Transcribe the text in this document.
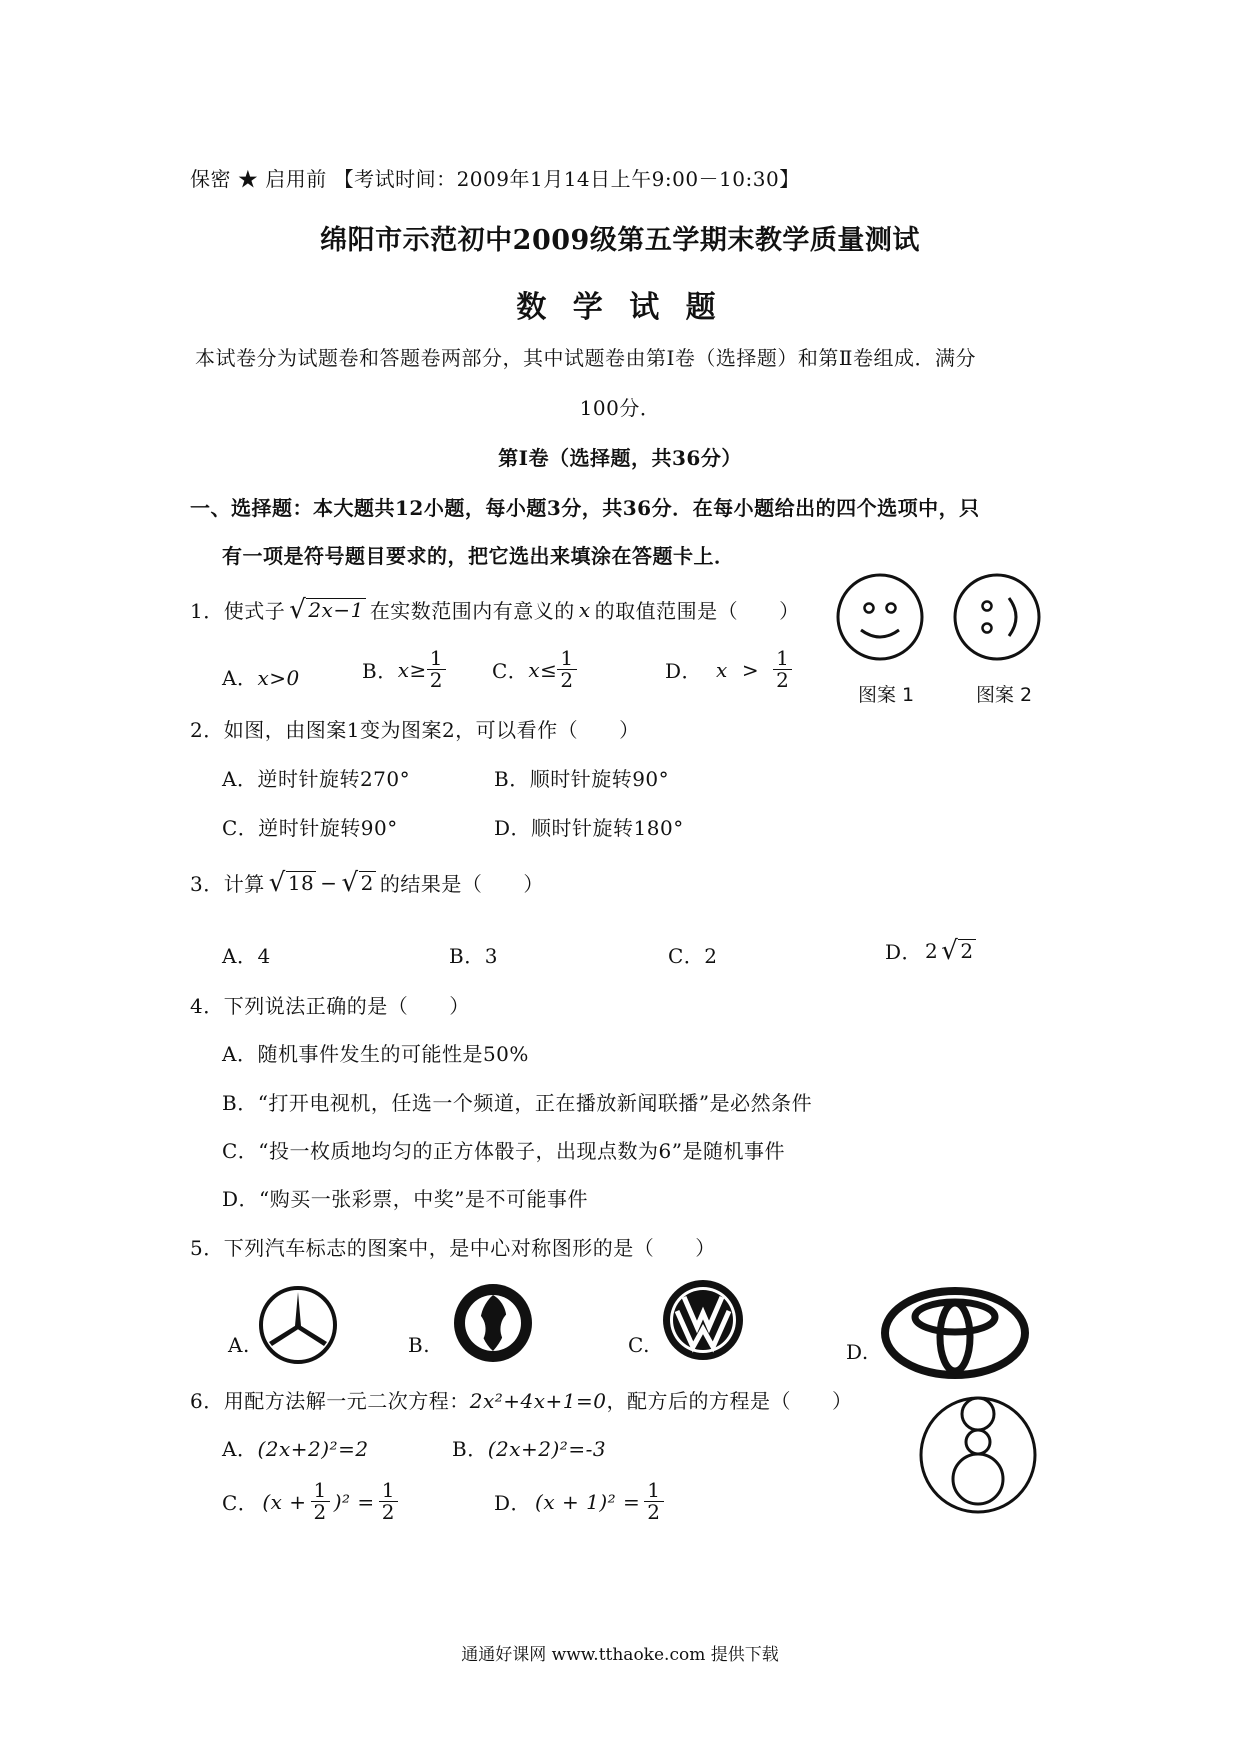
保密 ★ 启用前 【考试时间：2009年1月14日上午9:00－10:30】
绵阳市示范初中2009级第五学期末教学质量测试
数 学 试 题
本试卷分为试题卷和答题卷两部分，其中试题卷由第Ⅰ卷（选择题）和第Ⅱ卷组成．满分
100分．
第Ⅰ卷（选择题，共36分）
一、选择题：本大题共12小题，每小题3分，共36分．在每小题给出的四个选项中，只
有一项是符号题目要求的，把它选出来填涂在答题卡上．
1．使式子 √ 2x−1 在实数范围内有意义的 x 的取值范围是（　　）
A．x>0	B． $x\ge \frac{1}{2}$ C． $x\le \frac{1}{2}$	D． $x > \frac{1}{2}$
图案 1	图案 2
2．如图，由图案1变为图案2，可以看作（　　）
A．逆时针旋转270°	B．顺时针旋转90°
C．逆时针旋转90°	D．顺时针旋转180°
3．计算 √ 18 − √ 2 的结果是（　　）
A．4	B．3	C．2	D． 2 √ 2
4．下列说法正确的是（　　）
A．随机事件发生的可能性是50%
B．“打开电视机，任选一个频道，正在播放新闻联播”是必然条件
C．“投一枚质地均匀的正方体骰子，出现点数为6”是随机事件
D．“购买一张彩票，中奖”是不可能事件
5．下列汽车标志的图案中，是中心对称图形的是（　　）
A.	B.	C.	D.
6．用配方法解一元二次方程： 2x²+4x+1=0 ，配方后的方程是（　　）
A．(2x+2)²=2	B．(2x+2)²=-3
C． $(x + \frac{1}{2} )^2 = \frac{1}{2}$	D． $(x + 1)^2 = \frac{1}{2}$
通通好课网 www.tthaoke.com 提供下载
